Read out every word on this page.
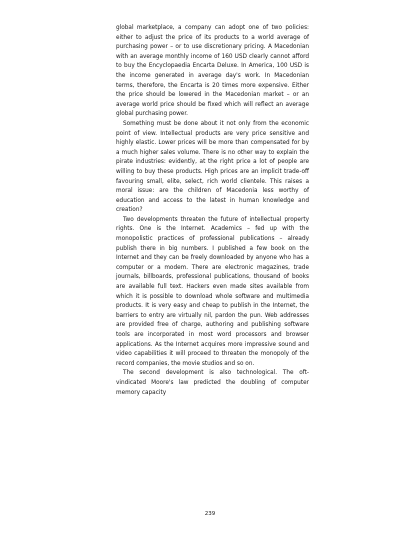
global marketplace, a company can adopt one of two policies: either to adjust the price of its products to a world average of purchasing power – or to use discretionary pricing. A Macedonian with an average monthly income of 160 USD clearly cannot afford to buy the Encyclopaedia Encarta Deluxe. In America, 100 USD is the income generated in average day's work. In Macedonian terms, therefore, the Encarta is 20 times more expensive. Either the price should be lowered in the Macedonian market – or an average world price should be fixed which will reflect an average global purchasing power.

Something must be done about it not only from the economic point of view. Intellectual products are very price sensitive and highly elastic. Lower prices will be more than compensated for by a much higher sales volume. There is no other way to explain the pirate industries: evidently, at the right price a lot of people are willing to buy these products. High prices are an implicit trade-off favouring small, elite, select, rich world clientele. This raises a moral issue: are the children of Macedonia less worthy of education and access to the latest in human knowledge and creation?

Two developments threaten the future of intellectual property rights. One is the Internet. Academics – fed up with the monopolistic practices of professional publications – already publish there in big numbers. I published a few book on the Internet and they can be freely downloaded by anyone who has a computer or a modem. There are electronic magazines, trade journals, billboards, professional publications, thousand of books are available full text. Hackers even made sites available from which it is possible to download whole software and multimedia products. It is very easy and cheap to publish in the Internet, the barriers to entry are virtually nil, pardon the pun. Web addresses are provided free of charge, authoring and publishing software tools are incorporated in most word processors and browser applications. As the Internet acquires more impressive sound and video capabilities it will proceed to threaten the monopoly of the record companies, the movie studios and so on.

The second development is also technological. The oft-vindicated Moore's law predicted the doubling of computer memory capacity

239
